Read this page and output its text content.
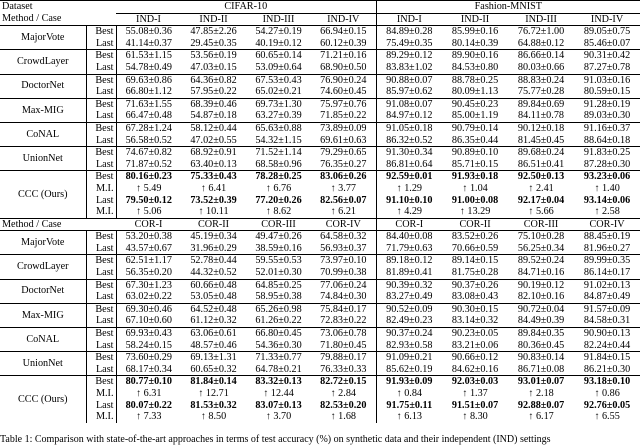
Dataset		CIFAR-10				Fashion-MNIST			
Method / Case		IND-I	IND-II	IND-III	IND-IV	IND-I	IND-II	IND-III	IND-IV
MajorVote	Best	55.08±0.36	47.85±2.26	54.27±0.19	66.94±0.15	84.89±0.28	85.99±0.16	76.72±1.00	89.05±0.75
	Last	41.14±0.37	29.45±0.35	40.19±0.12	60.12±0.39	75.49±0.35	80.14±0.39	64.88±0.12	85.46±0.07
CrowdLayer	Best	61.53±1.15	53.56±0.19	60.65±0.14	71.21±0.16	89.29±0.12	89.90±0.16	86.66±0.14	90.31±0.42
	Last	54.78±0.49	47.03±0.15	53.09±0.64	68.90±0.50	83.83±1.02	84.53±0.80	80.03±0.66	87.27±0.78
DoctorNet	Best	69.63±0.86	64.36±0.82	67.53±0.43	76.90±0.24	90.88±0.07	88.78±0.25	88.83±0.24	91.03±0.16
	Last	66.80±1.12	57.95±0.22	65.02±0.21	74.60±0.45	85.97±0.62	80.09±1.13	75.77±0.28	80.59±0.15
Max-MIG	Best	71.63±1.55	68.39±0.46	69.73±1.30	75.97±0.76	91.08±0.07	90.45±0.23	89.84±0.69	91.28±0.19
	Last	66.47±0.48	54.87±0.18	63.27±0.39	71.85±0.22	84.97±0.12	85.00±1.19	84.11±0.78	89.03±0.30
CoNAL	Best	67.28±1.24	58.12±0.44	65.63±0.88	73.89±0.09	91.05±0.18	90.79±0.14	90.12±0.18	91.16±0.37
	Last	56.58±0.52	47.02±0.55	54.32±1.15	69.61±0.63	86.32±0.52	86.35±0.44	81.45±0.45	88.64±0.18
UnionNet	Best	74.67±0.82	68.92±0.91	71.52±1.14	79.29±0.65	91.30±0.34	90.89±0.10	89.68±0.24	91.83±0.25
	Last	71.87±0.52	63.40±0.13	68.58±0.96	76.35±0.27	86.81±0.64	85.71±0.15	86.51±0.41	87.28±0.30
CCC (Ours)	Best	80.16±0.23	75.33±0.43	78.28±0.25	83.06±0.26	92.59±0.01	91.93±0.18	92.50±0.13	93.23±0.06
	M.I.	↑ 5.49	↑ 6.41	↑ 6.76	↑ 3.77	↑ 1.29	↑ 1.04	↑ 2.41	↑ 1.40
	Last	79.50±0.12	73.52±0.39	77.20±0.26	82.56±0.07	91.10±0.10	91.00±0.08	92.17±0.04	93.14±0.06
	M.I.	↑ 5.06	↑ 10.11	↑ 8.62	↑ 6.21	↑ 4.29	↑ 13.29	↑ 5.66	↑ 2.58
Method / Case		COR-I	COR-II	COR-III	COR-IV	COR-I	COR-II	COR-III	COR-IV
MajorVote	Best	53.20±0.38	45.19±0.34	49.47±0.26	64.58±0.32	84.40±0.08	83.52±0.26	75.10±0.28	88.45±0.19
	Last	43.57±0.67	31.96±0.29	38.59±0.16	56.93±0.37	71.79±0.63	70.66±0.59	56.25±0.34	81.96±0.27
CrowdLayer	Best	62.51±1.17	52.78±0.44	59.55±0.53	73.97±0.10	89.18±0.12	89.14±0.15	89.52±0.24	89.99±0.35
	Last	56.35±0.20	44.32±0.52	52.01±0.30	70.99±0.38	81.89±0.41	81.75±0.28	84.71±0.16	86.14±0.17
DoctorNet	Best	67.30±1.23	60.66±0.48	64.85±0.25	77.06±0.24	90.39±0.32	90.37±0.26	90.19±0.12	91.02±0.13
	Last	63.02±0.22	53.05±0.48	58.95±0.38	74.84±0.30	83.27±0.49	83.08±0.43	82.10±0.16	84.87±0.49
Max-MIG	Best	69.30±0.46	64.52±0.48	65.26±0.98	75.84±0.17	90.52±0.09	90.30±0.15	90.72±0.04	91.57±0.09
	Last	67.10±0.60	61.12±0.32	61.26±0.22	72.83±0.22	82.49±0.23	83.14±0.32	84.49±0.39	84.58±0.31
CoNAL	Best	69.93±0.43	63.06±0.61	66.80±0.45	73.06±0.78	90.37±0.24	90.23±0.05	89.84±0.35	90.90±0.13
	Last	58.24±0.15	48.57±0.46	54.36±0.30	71.80±0.45	82.93±0.58	83.21±0.06	80.36±0.45	82.24±0.44
UnionNet	Best	73.60±0.29	69.13±1.31	71.33±0.77	79.88±0.17	91.09±0.21	90.66±0.12	90.83±0.14	91.84±0.15
	Last	68.17±0.34	60.65±0.32	64.78±0.21	76.33±0.33	85.62±0.19	84.62±0.16	86.71±0.08	86.21±0.30
CCC (Ours)	Best	80.77±0.10	81.84±0.14	83.32±0.13	82.72±0.15	91.93±0.09	92.03±0.03	93.01±0.07	93.18±0.10
	M.I.	↑ 6.31	↑ 12.71	↑ 12.44	↑ 2.84	↑ 0.84	↑ 1.37	↑ 2.18	↑ 0.86
	Last	80.07±0.22	81.53±0.32	83.07±0.13	82.53±0.20	91.75±0.11	91.51±0.07	92.88±0.07	92.76±0.05
	M.I.	↑ 7.33	↑ 8.50	↑ 3.70	↑ 1.68	↑ 6.13	↑ 8.30	↑ 6.17	↑ 6.55
Table 1: Comparison with state-of-the-art approaches in terms of test accuracy (%) on synthetic data and their independent (IND) settings
